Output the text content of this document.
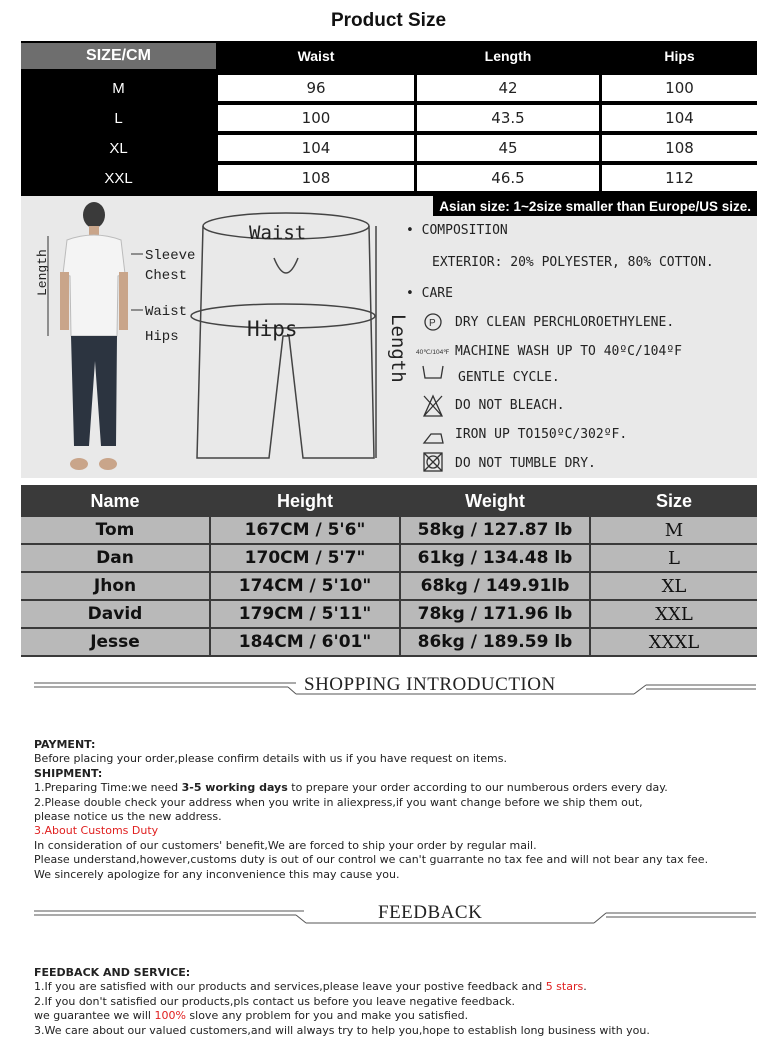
Product Size
SIZE/CM	Waist	Length	Hips
M	96	42	100
L	100	43.5	104
XL	104	45	108
XXL	108	46.5	112
Length	Sleeve
Chest
Waist
Hips
Waist
Hips	Length P
40℃/104℉
Asian size: 1~2size smaller than Europe/US size.
• COMPOSITION
EXTERIOR: 20% POLYESTER, 80% COTTON.
• CARE
DRY CLEAN PERCHLOROETHYLENE.
MACHINE WASH UP TO 40ºC/104ºF
GENTLE CYCLE.
DO NOT BLEACH.
IRON UP TO150ºC/302ºF.
DO NOT TUMBLE DRY.
Name	Height	Weight	Size
Tom	167CM / 5'6"	58kg / 127.87 lb	M
Dan	170CM / 5'7"	61kg / 134.48 lb	L
Jhon	174CM / 5'10"	68kg / 149.91lb	XL
David	179CM / 5'11"	78kg / 171.96 lb	XXL
Jesse	184CM / 6'01"	86kg / 189.59 lb	XXXL
SHOPPING INTRODUCTION
PAYMENT:
Before placing your order,please confirm details with us if you have request on items.
SHIPMENT:
1.Preparing Time:we need 3-5 working days to prepare your order according to our numberous orders every day.
2.Please double check your address when you write in aliexpress,if you want change before we ship them out,
please notice us the new address.
3.About Customs Duty
In consideration of our customers' benefit,We are forced to ship your order by regular mail.
Please understand,however,customs duty is out of our control we can't guarrante no tax fee and will not bear any tax fee.
We sincerely apologize for any inconvenience this may cause you.
FEEDBACK
FEEDBACK AND SERVICE:
1.If you are satisfied with our products and services,please leave your postive feedback and 5 stars.
2.If you don't satisfied our products,pls contact us before you leave negative feedback.
we guarantee we will 100% slove any problem for you and make you satisfied.
3.We care about our valued customers,and will always try to help you,hope to establish long business with you.
